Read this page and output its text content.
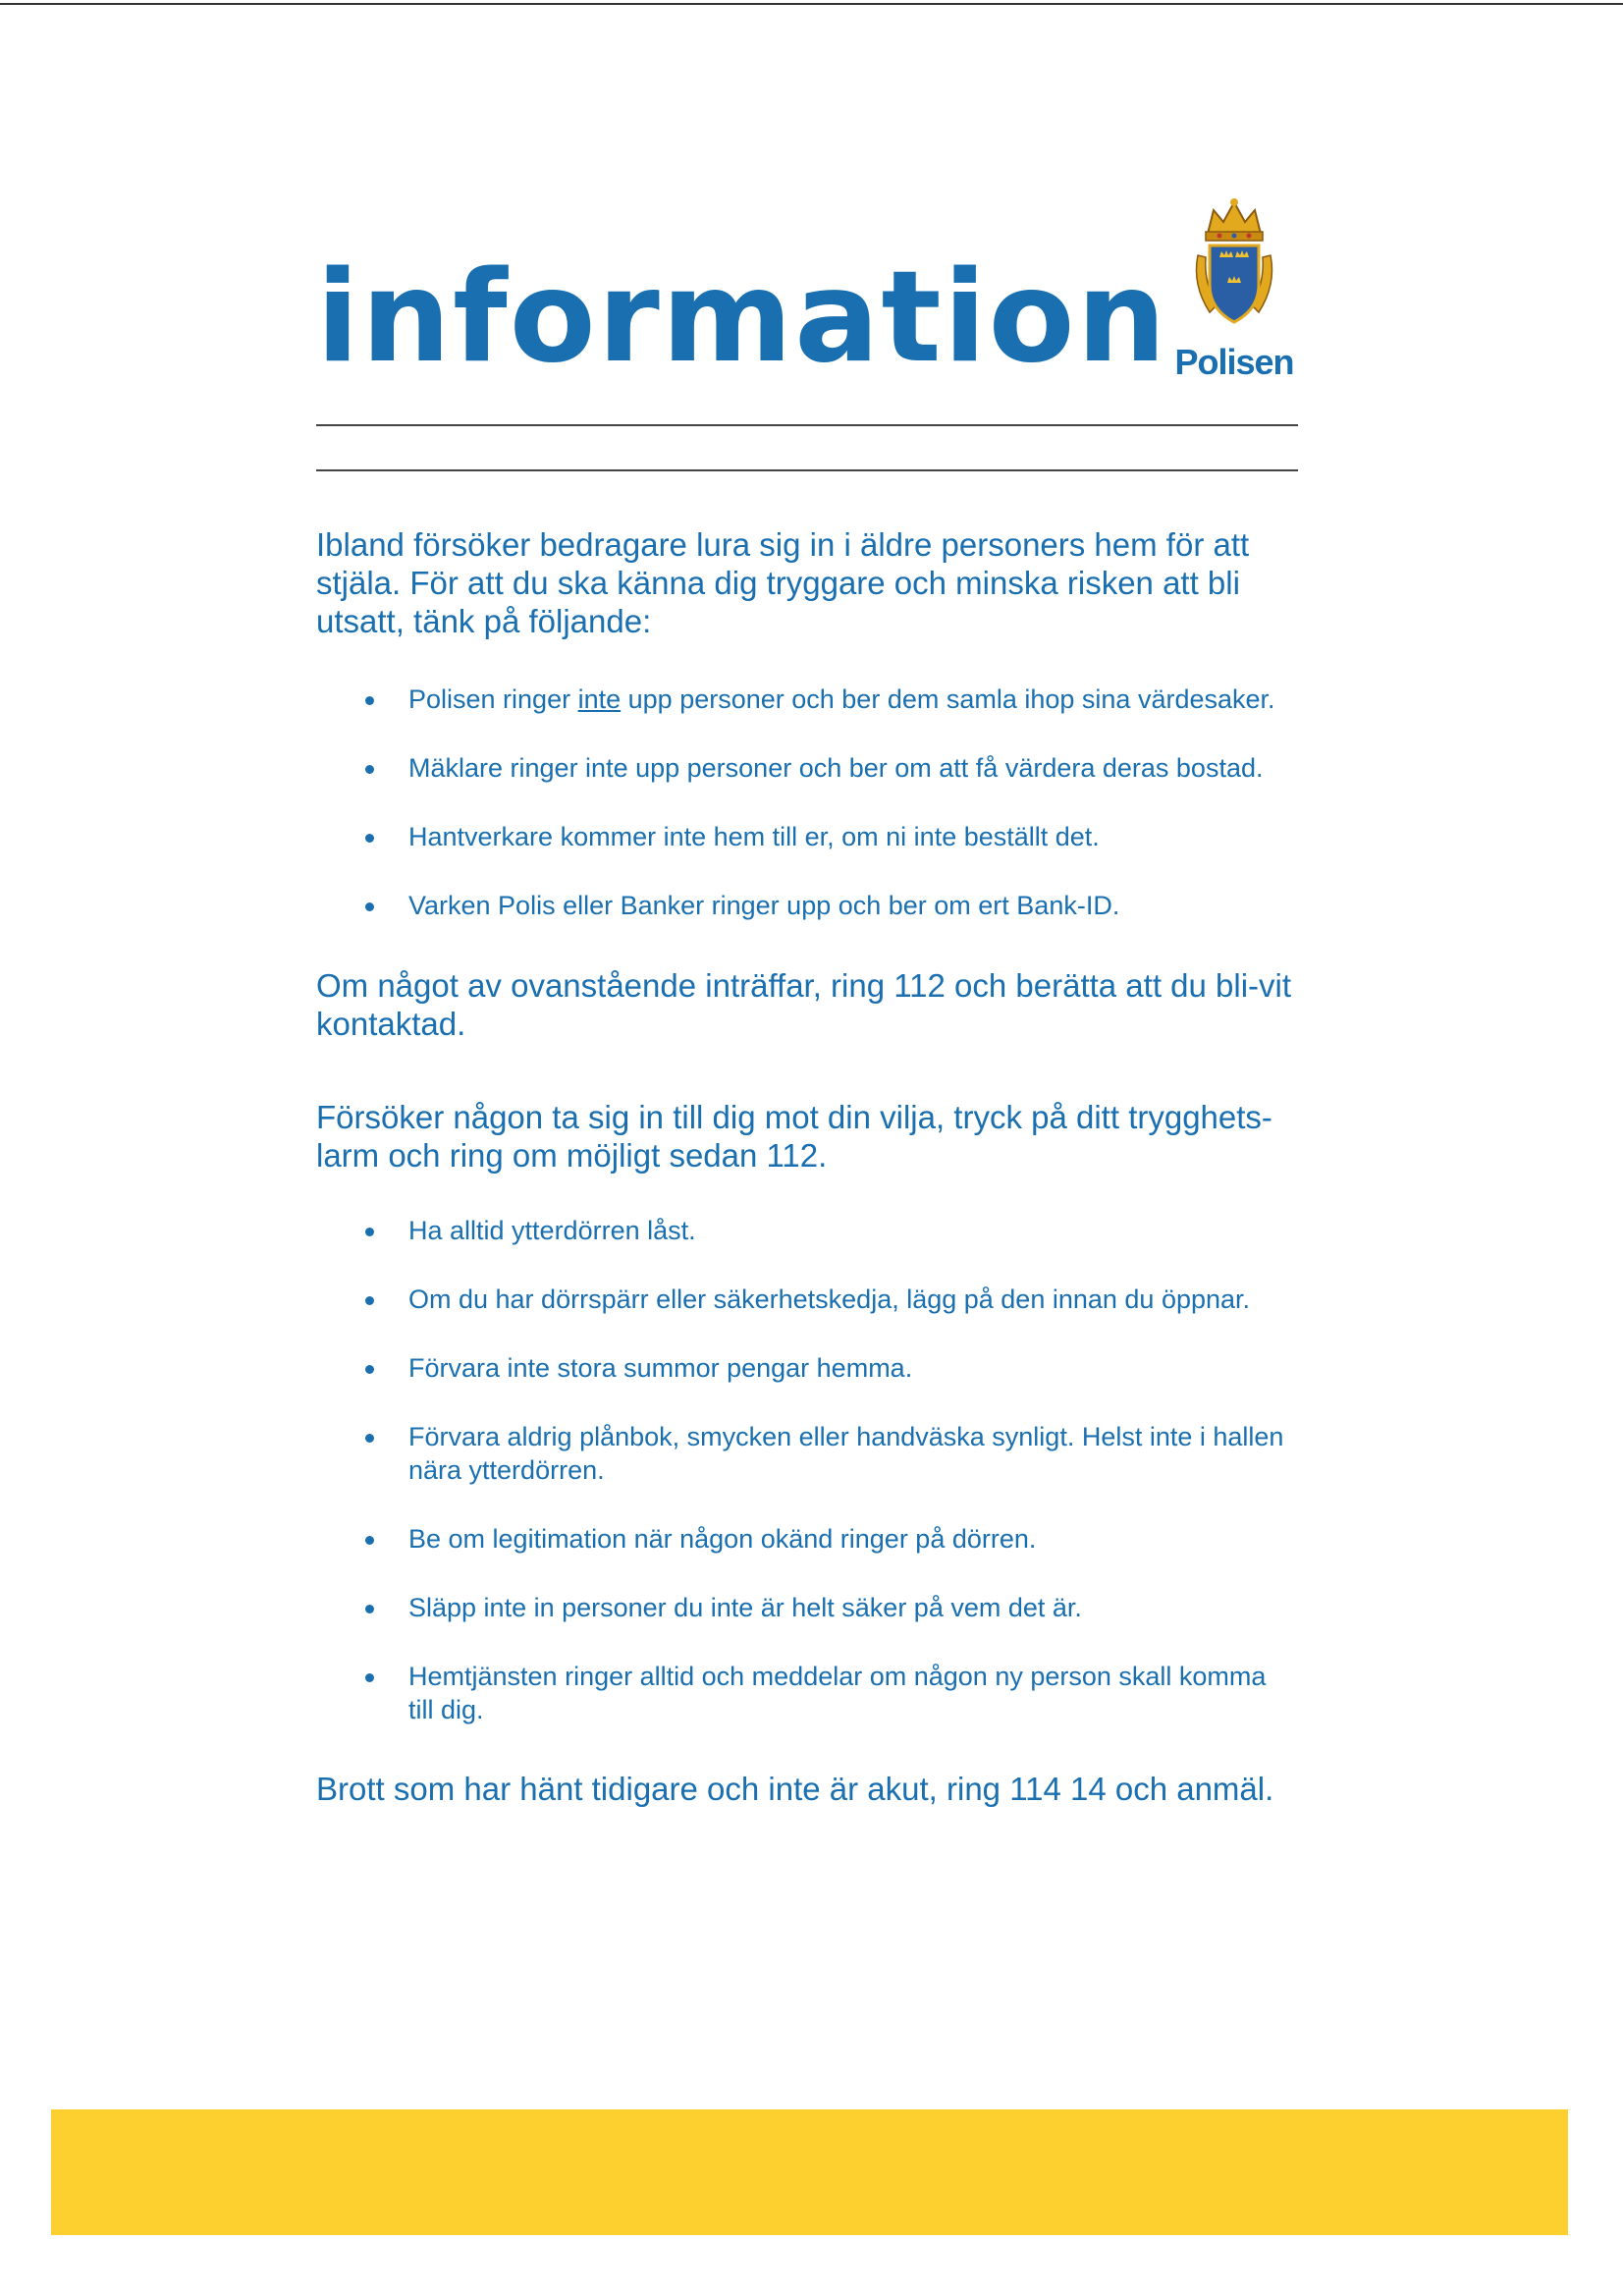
information Polisen

Ibland försöker bedragare lura sig in i äldre personers hem för att stjäla. För att du ska känna dig tryggare och minska risken att bli utsatt, tänk på följande:

Polisen ringer inte upp personer och ber dem samla ihop sina värdesaker.
Mäklare ringer inte upp personer och ber om att få värdera deras bostad.
Hantverkare kommer inte hem till er, om ni inte beställt det.
Varken Polis eller Banker ringer upp och ber om ert Bank-ID.

Om något av ovanstående inträffar, ring 112 och berätta att du bli-vit kontaktad.

Försöker någon ta sig in till dig mot din vilja, tryck på ditt trygghets-larm och ring om möjligt sedan 112.

Ha alltid ytterdörren låst.
Om du har dörrspärr eller säkerhetskedja, lägg på den innan du öppnar.
Förvara inte stora summor pengar hemma.
Förvara aldrig plånbok, smycken eller handväska synligt. Helst inte i hallen nära ytterdörren.
Be om legitimation när någon okänd ringer på dörren.
Släpp inte in personer du inte är helt säker på vem det är.
Hemtjänsten ringer alltid och meddelar om någon ny person skall komma till dig.

Brott som har hänt tidigare och inte är akut, ring 114 14 och anmäl.
